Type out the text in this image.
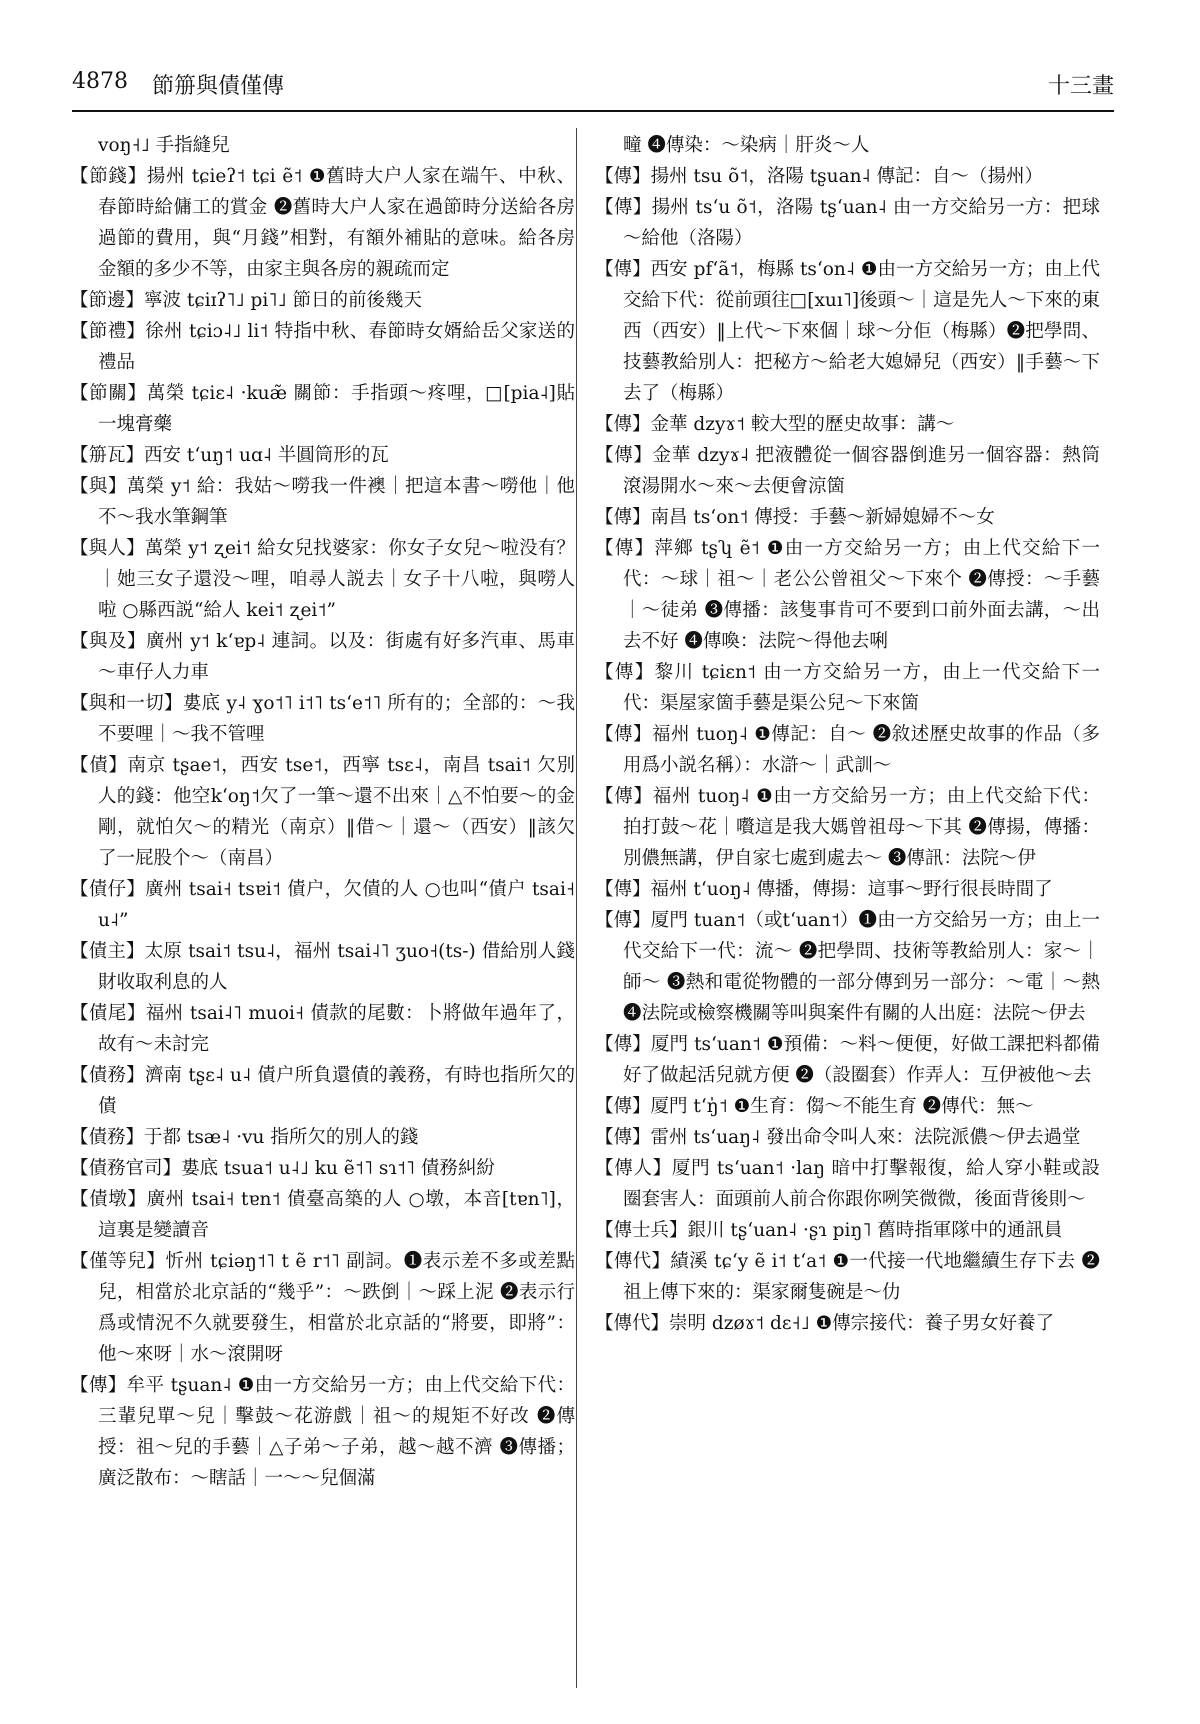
4878 節笧與債僅傳	十三畫
voŋ˧˩ 手指縫兒
【節錢】揚州 tɕieʔ˦ tɕi ẽ˦ ❶舊時大户人家在端午、中秋、春節時給傭工的賞金 ❷舊時大户人家在過節時分送給各房過節的費用，與“月錢”相對，有額外補貼的意味。給各房金額的多少不等，由家主與各房的親疏而定
【節邊】寧波 tɕiɪʔ˥˩ pi˥˩ 節日的前後幾天
【節禮】徐州 tɕiɔ˨˩ li˦ 特指中秋、春節時女婿給岳父家送的禮品
【節關】萬榮 tɕiɛ˨ ·kuæ̃ 關節：手指頭～疼哩，□[pia˨]貼一塊膏藥
【笧瓦】西安 t‘uŋ˦ uɑ˨ 半圓筒形的瓦
【與】萬榮 y˦ 給：我姑～嘮我一件襖｜把這本書～嘮他｜他不～我水筆鋼筆
【與人】萬榮 y˦ ʐei˦ 給女兒找婆家：你女子女兒～啦没有？｜她三女子還没～哩，咱尋人説去｜女子十八啦，與嘮人啦 ○縣西説“給人 kei˦ ʐei˦”
【與及】廣州 y˦ k‘ɐp˨ 連詞。以及：街處有好多汽車、馬車～車仔人力車
【與和一切】婁底 y˨ ɣo˦˥ i˦˥ ts‘e˦˥ 所有的；全部的：～我不要哩｜～我不管哩
【債】南京 tʂae˦，西安 tse˦，西寧 tsɛ˨，南昌 tsai˦ 欠別人的錢：他空k‘oŋ˦欠了一筆～還不出來｜△不怕要～的金剛，就怕欠～的精光（南京）‖借～｜還～（西安）‖該欠了一屁股个～（南昌）
【債仔】廣州 tsai˧ tsɐi˦ 債户，欠債的人 ○也叫“債户 tsai˧ u˨”
【債主】太原 tsai˦ tsu˨，福州 tsai˨˥ ʒuo˧(ts-) 借給別人錢財收取利息的人
【債尾】福州 tsai˨˥ muoi˧ 債款的尾數：卜將做年過年了，故有～未討完
【債務】濟南 tʂɛ˨ u˨ 債户所負還債的義務，有時也指所欠的債
【債務】于都 tsæ˨ ·vu 指所欠的別人的錢
【債務官司】婁底 tsua˦ u˨˩ ku ẽ˦˥ sɿ˦˥ 債務糾紛
【債墩】廣州 tsai˧ tɐn˦ 債臺高築的人 ○墩，本音[tɐn˥]，這裏是變讀音
【僅等兒】忻州 tɕiəŋ˦˥ t ẽ r˦˥ 副詞。❶表示差不多或差點兒，相當於北京話的“幾乎”：～跌倒｜～踩上泥 ❷表示行爲或情況不久就要發生，相當於北京話的“將要，即將”：他～來呀｜水～滾開呀
【傳】牟平 tʂuan˨ ❶由一方交給另一方；由上代交給下代：三輩兒單～兒｜擊鼓～花游戲｜祖～的規矩不好改 ❷傳授：祖～兒的手藝｜△子弟～子弟，越～越不濟 ❸傳播；廣泛散布：～瞎話｜一～～兒個滿
疃 ❹傳染：～染病｜肝炎～人
【傳】揚州 tsu õ˦，洛陽 tʂuan˨ 傳記：自～（揚州）
【傳】揚州 ts‘u õ˦，洛陽 tʂ‘uan˨ 由一方交給另一方：把球～給他（洛陽）
【傳】西安 pf‘ã˦，梅縣 ts‘on˨ ❶由一方交給另一方；由上代交給下代：從前頭往□[xuı˥]後頭～｜這是先人～下來的東西（西安）‖上代～下來個｜球～分佢（梅縣）❷把學問、技藝教給別人：把秘方～給老大媳婦兒（西安）‖手藝～下去了（梅縣）
【傳】金華 dzyɤ˦ 較大型的歷史故事：講～
【傳】金華 dzyɤ˨ 把液體從一個容器倒進另一個容器：熱筒滾湯開水～來～去便會涼箇
【傳】南昌 ts‘on˦ 傳授：手藝～新婦媳婦不～女
【傳】萍鄉 tʂʮ ẽ˦ ❶由一方交給另一方；由上代交給下一代：～球｜祖～｜老公公曾祖父～下來个 ❷傳授：～手藝｜～徒弟 ❸傳播：該隻事肯可不要到口前外面去講，～出去不好 ❹傳喚：法院～得他去唎
【傳】黎川 tɕiɛn˦ 由一方交給另一方，由上一代交給下一代：渠屋家箇手藝是渠公兒～下來箇
【傳】福州 tuoŋ˨ ❶傳記：自～ ❷敘述歷史故事的作品（多用爲小説名稱）：水滸～｜武訓～
【傳】福州 tuoŋ˨ ❶由一方交給另一方；由上代交給下代：拍打鼓～花｜嚽這是我大媽曾祖母～下其 ❷傳揚，傳播：別儂無講，伊自家七處到處去～ ❸傳訊：法院～伊
【傳】福州 t‘uoŋ˨ 傳播，傳揚：這事～野行很長時間了
【傳】厦門 tuan˦（或t‘uan˦）❶由一方交給另一方；由上一代交給下一代：流～ ❷把學問、技術等教給別人：家～｜師～ ❸熱和電從物體的一部分傳到另一部分：～電｜～熱 ❹法院或檢察機關等叫與案件有關的人出庭：法院～伊去
【傳】厦門 ts‘uan˦ ❶預備：～料～便便，好做工課把料都備好了做起活兒就方便 ❷（設圈套）作弄人：互伊被他～去
【傳】厦門 t‘ŋ̍˦ ❶生育：㑳～不能生育 ❷傳代：無～
【傳】雷州 ts‘uaŋ˨ 發出命令叫人來：法院派儂～伊去過堂
【傳人】厦門 ts‘uan˦ ·laŋ 暗中打擊報復，給人穿小鞋或設圈套害人：面頭前人前合你跟你咧笑微微，後面背後則～
【傳士兵】銀川 tʂ‘uan˨ ·ʂɿ piŋ˥ 舊時指軍隊中的通訊員
【傳代】績溪 tɕ‘y ẽ i˦ t‘a˦ ❶一代接一代地繼續生存下去 ❷祖上傳下來的：渠家爾隻碗是～仂
【傳代】崇明 dzøɤ˦ dɛ˧˩ ❶傳宗接代：養子男女好養了
